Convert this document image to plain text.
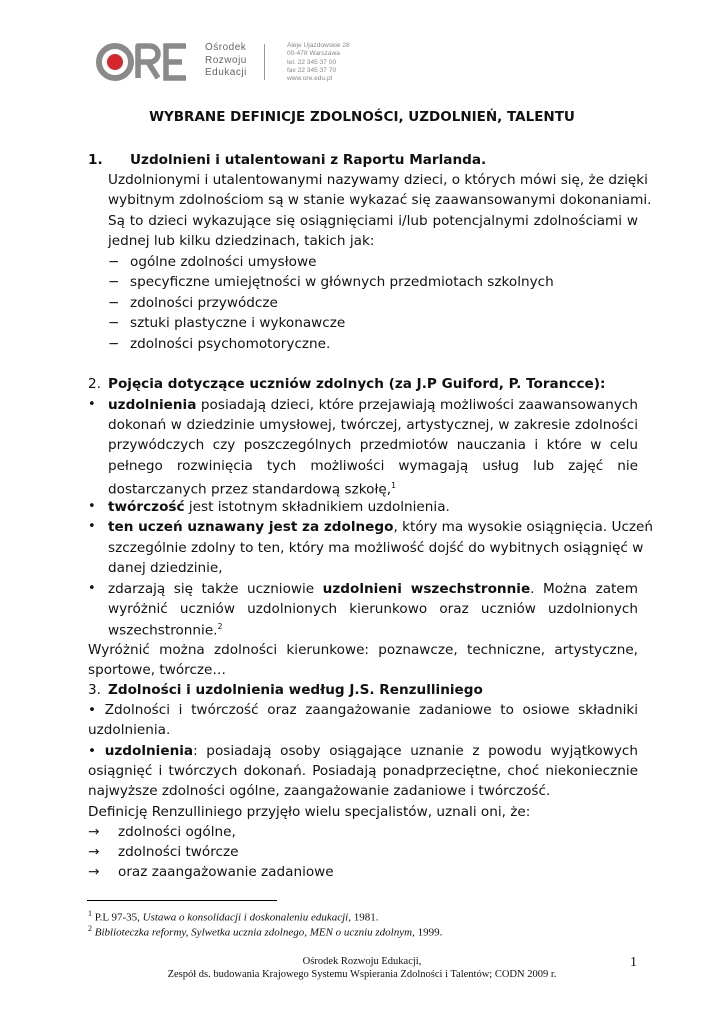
Ośrodek
Rozwoju
Edukacji
Aleje Ujazdowskie 28
00-478 Warszawa
tel. 22 345 37 00
fax 22 345 37 70
www.ore.edu.pl
WYBRANE DEFINICJE ZDOLNOŚCI, UZDOLNIEŃ, TALENTU
1. Uzdolnieni i utalentowani z Raportu Marlanda.
Uzdolnionymi i utalentowanymi nazywamy dzieci, o których mówi się, że dzięki
wybitnym zdolnościom są w stanie wykazać się zaawansowanymi dokonaniami.
Są to dzieci wykazujące się osiągnięciami i/lub potencjalnymi zdolnościami w
jednej lub kilku dziedzinach, takich jak:
− ogólne zdolności umysłowe
− specyficzne umiejętności w głównych przedmiotach szkolnych
− zdolności przywódcze
− sztuki plastyczne i wykonawcze
− zdolności psychomotoryczne.
2. Pojęcia dotyczące uczniów zdolnych (za J.P Guiford, P. Torancce):
• uzdolnienia posiadają dzieci, które przejawiają możliwości zaawansowanych
dokonań w dziedzinie umysłowej, twórczej, artystycznej, w zakresie zdolności
przywódczych czy poszczególnych przedmiotów nauczania i które w celu
pełnego rozwinięcia tych możliwości wymagają usług lub zajęć nie
dostarczanych przez standardową szkołę,$^1$
• twórczość jest istotnym składnikiem uzdolnienia.
• ten uczeń uznawany jest za zdolnego, który ma wysokie osiągnięcia. Uczeń
szczególnie zdolny to ten, który ma możliwość dojść do wybitnych osiągnięć w
danej dziedzinie,
• zdarzają się także uczniowie uzdolnieni wszechstronnie. Można zatem
wyróżnić uczniów uzdolnionych kierunkowo oraz uczniów uzdolnionych
wszechstronnie.$^2$
Wyróżnić można zdolności kierunkowe: poznawcze, techniczne, artystyczne,
sportowe, twórcze…
3. Zdolności i uzdolnienia według J.S. Renzulliniego
• Zdolności i twórczość oraz zaangażowanie zadaniowe to osiowe składniki
uzdolnienia.
• uzdolnienia: posiadają osoby osiągające uznanie z powodu wyjątkowych
osiągnięć i twórczych dokonań. Posiadają ponadprzeciętne, choć niekoniecznie
najwyższe zdolności ogólne, zaangażowanie zadaniowe i twórczość.
Definicję Renzulliniego przyjęło wielu specjalistów, uznali oni, że:
→ zdolności ogólne,
→ zdolności twórcze
→ oraz zaangażowanie zadaniowe
$^1$ P.L 97-35, Ustawa o konsolidacji i doskonaleniu edukacji, 1981.
$^2$ Biblioteczka reformy, Sylwetka ucznia zdolnego, MEN o uczniu zdolnym, 1999.
Ośrodek Rozwoju Edukacji,
Zespół ds. budowania Krajowego Systemu Wspierania Zdolności i Talentów; CODN 2009 r.
1
